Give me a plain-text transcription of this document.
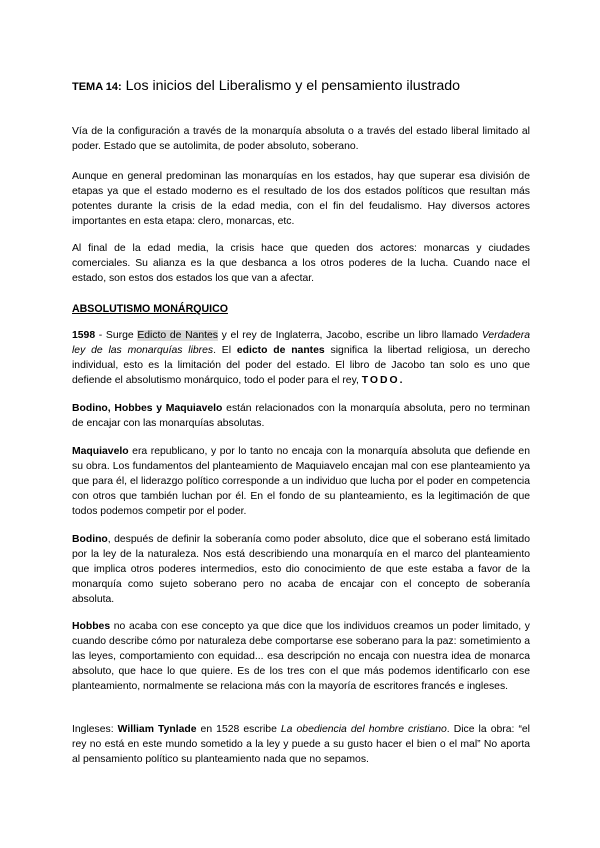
TEMA 14: Los inicios del Liberalismo y el pensamiento ilustrado

Vía de la configuración a través de la monarquía absoluta o a través del estado liberal limitado al poder. Estado que se autolimita, de poder absoluto, soberano.

Aunque en general predominan las monarquías en los estados, hay que superar esa división de etapas ya que el estado moderno es el resultado de los dos estados políticos que resultan más potentes durante la crisis de la edad media, con el fin del feudalismo. Hay diversos actores importantes en esta etapa: clero, monarcas, etc.

Al final de la edad media, la crisis hace que queden dos actores: monarcas y ciudades comerciales. Su alianza es la que desbanca a los otros poderes de la lucha. Cuando nace el estado, son estos dos estados los que van a afectar.

ABSOLUTISMO MONÁRQUICO

1598 - Surge Edicto de Nantes y el rey de Inglaterra, Jacobo, escribe un libro llamado Verdadera ley de las monarquías libres. El edicto de nantes significa la libertad religiosa, un derecho individual, esto es la limitación del poder del estado. El libro de Jacobo tan solo es uno que defiende el absolutismo monárquico, todo el poder para el rey, TODO.

Bodino, Hobbes y Maquiavelo están relacionados con la monarquía absoluta, pero no terminan de encajar con las monarquías absolutas.

Maquiavelo era republicano, y por lo tanto no encaja con la monarquía absoluta que defiende en su obra. Los fundamentos del planteamiento de Maquiavelo encajan mal con ese planteamiento ya que para él, el liderazgo político corresponde a un individuo que lucha por el poder en competencia con otros que también luchan por él. En el fondo de su planteamiento, es la legitimación de que todos podemos competir por el poder.

Bodino, después de definir la soberanía como poder absoluto, dice que el soberano está limitado por la ley de la naturaleza. Nos está describiendo una monarquía en el marco del planteamiento que implica otros poderes intermedios, esto dio conocimiento de que este estaba a favor de la monarquía como sujeto soberano pero no acaba de encajar con el concepto de soberanía absoluta.

Hobbes no acaba con ese concepto ya que dice que los individuos creamos un poder limitado, y cuando describe cómo por naturaleza debe comportarse ese soberano para la paz: sometimiento a las leyes, comportamiento con equidad... esa descripción no encaja con nuestra idea de monarca absoluto, que hace lo que quiere. Es de los tres con el que más podemos identificarlo con ese planteamiento, normalmente se relaciona más con la mayoría de escritores francés e ingleses.

Ingleses: William Tynlade en 1528 escribe La obediencia del hombre cristiano. Dice la obra: “el rey no está en este mundo sometido a la ley y puede a su gusto hacer el bien o el mal” No aporta al pensamiento político su planteamiento nada que no sepamos.
